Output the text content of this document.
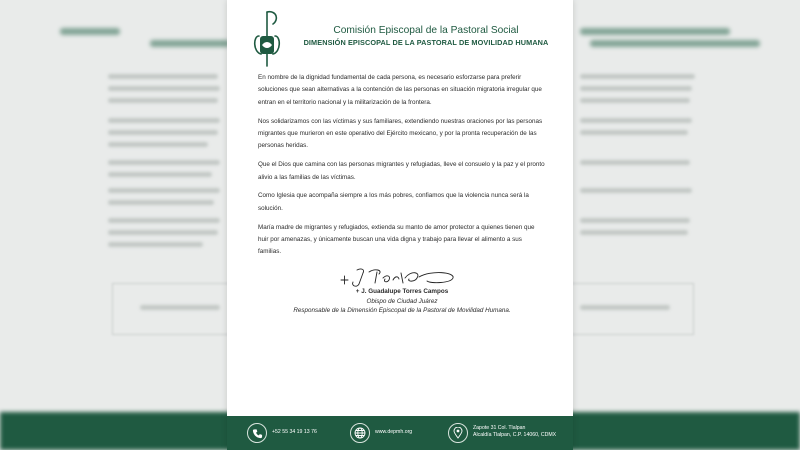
Comisión Episcopal de la Pastoral Social
DIMENSIÓN EPISCOPAL DE LA PASTORAL DE MOVILIDAD HUMANA

En nombre de la dignidad fundamental de cada persona, es necesario esforzarse para preferir soluciones que sean alternativas a la contención de las personas en situación migratoria irregular que entran en el territorio nacional y la militarización de la frontera.

Nos solidarizamos con las víctimas y sus familiares, extendiendo nuestras oraciones por las personas migrantes que murieron en este operativo del Ejército mexicano, y por la pronta recuperación de las personas heridas.

Que el Dios que camina con las personas migrantes y refugiadas, lleve el consuelo y la paz y el pronto alivio a las familias de las víctimas.

Como Iglesia que acompaña siempre a los más pobres, confiamos que la violencia nunca será la solución.

María madre de migrantes y refugiados, extienda su manto de amor protector a quienes tienen que huir por amenazas, y únicamente buscan una vida digna y trabajo para llevar el alimento a sus familias.

+ J. Guadalupe Torres Campos
Obispo de Ciudad Juárez
Responsable de la Dimensión Episcopal de la Pastoral de Movilidad Humana.
+52 55 34 19 13 76	www.depmh.org
Zapote 31 Col. Tlalpan
Alcaldía Tlalpan, C.P. 14060, CDMX
